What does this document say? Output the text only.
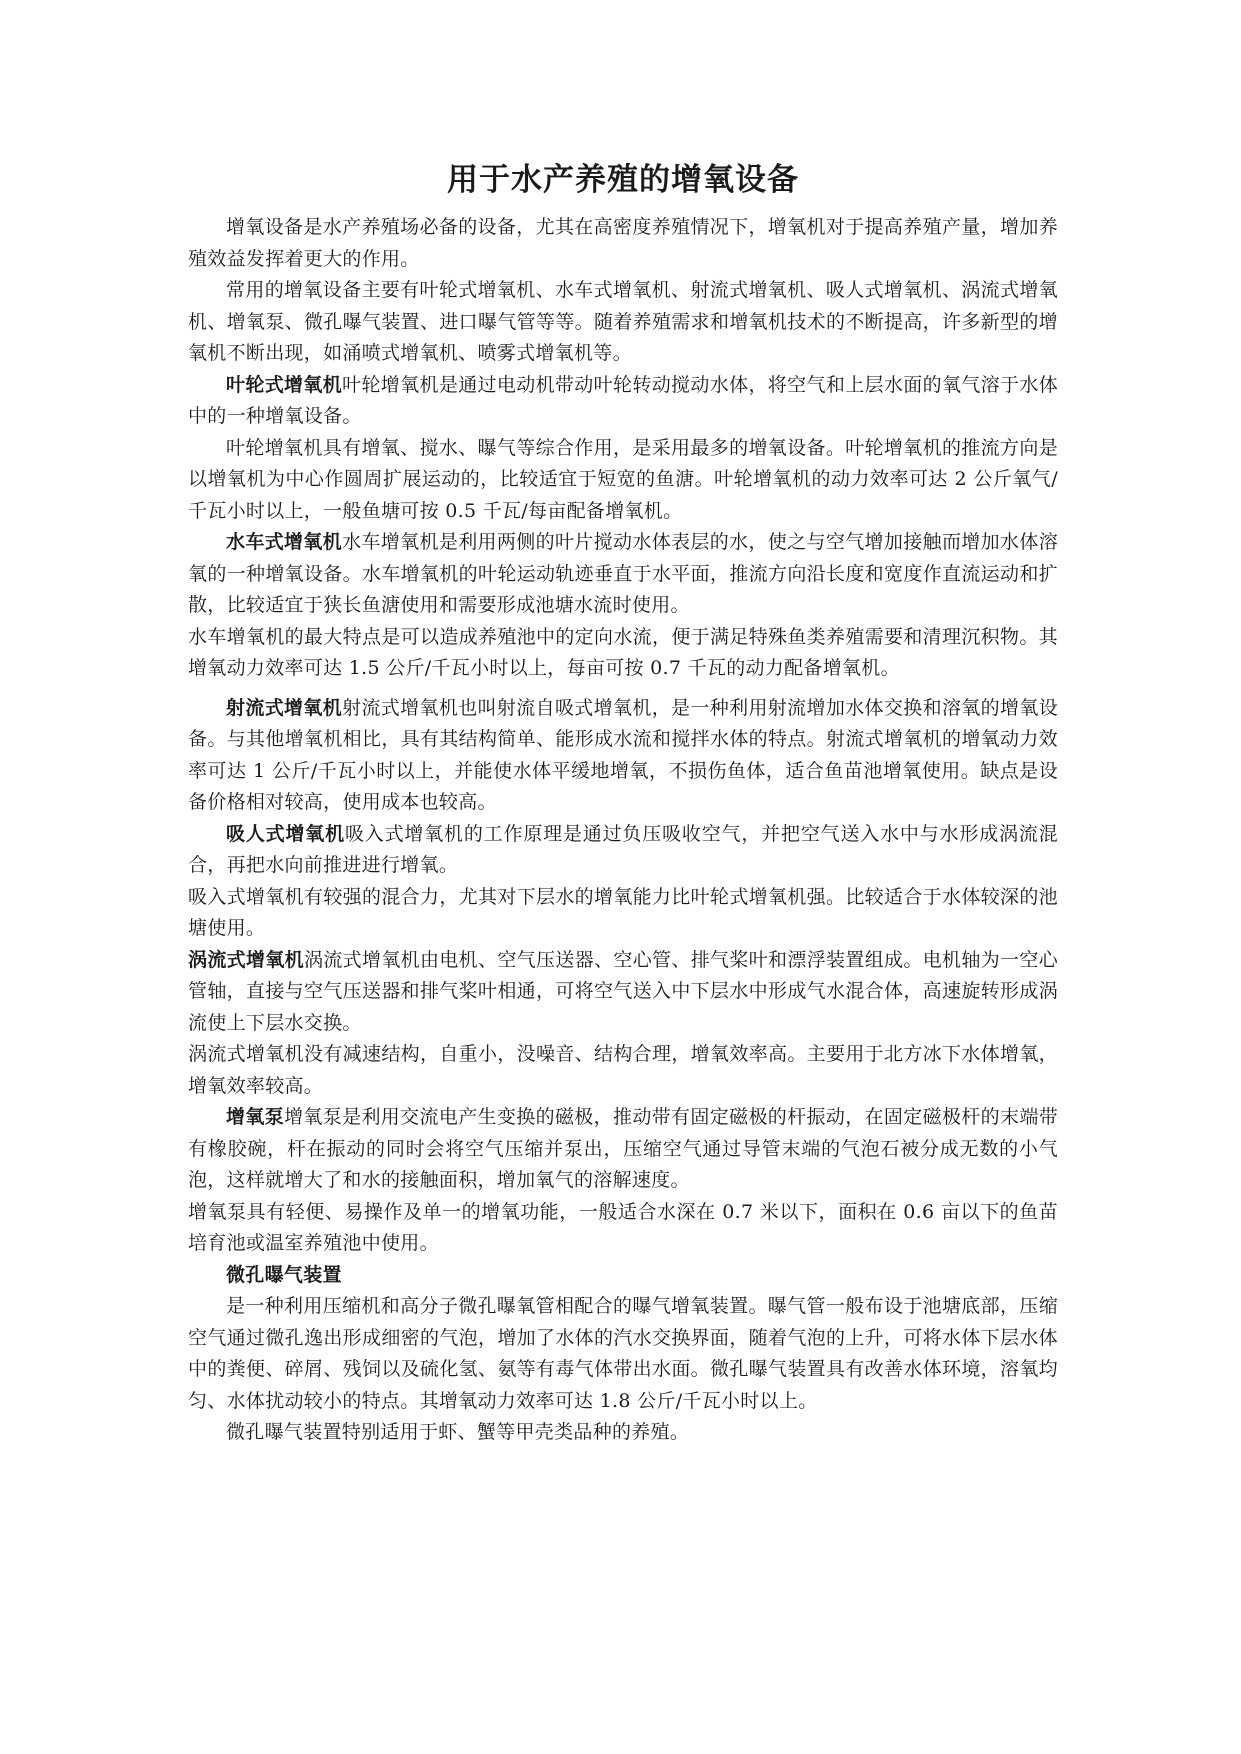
用于水产养殖的增氧设备

增氧设备是水产养殖场必备的设备，尤其在高密度养殖情况下，增氧机对于提高养殖产量，增加养殖效益发挥着更大的作用。

常用的增氧设备主要有叶轮式增氧机、水车式增氧机、射流式增氧机、吸人式增氧机、涡流式增氧机、增氧泵、微孔曝气装置、进口曝气管等等。随着养殖需求和增氧机技术的不断提高，许多新型的增氧机不断出现，如涌喷式增氧机、喷雾式增氧机等。

叶轮式增氧机叶轮增氧机是通过电动机带动叶轮转动搅动水体，将空气和上层水面的氧气溶于水体中的一种增氧设备。

叶轮增氧机具有增氧、搅水、曝气等综合作用，是采用最多的增氧设备。叶轮增氧机的推流方向是以增氧机为中心作圆周扩展运动的，比较适宜于短宽的鱼溏。叶轮增氧机的动力效率可达 2 公斤氧气/千瓦小时以上，一般鱼塘可按 0.5 千瓦/每亩配备增氧机。

水车式增氧机水车增氧机是利用两侧的叶片搅动水体表层的水，使之与空气增加接触而增加水体溶氧的一种增氧设备。水车增氧机的叶轮运动轨迹垂直于水平面，推流方向沿长度和宽度作直流运动和扩散，比较适宜于狭长鱼溏使用和需要形成池塘水流时使用。

水车增氧机的最大特点是可以造成养殖池中的定向水流，便于满足特殊鱼类养殖需要和清理沉积物。其增氧动力效率可达 1.5 公斤/千瓦小时以上，每亩可按 0.7 千瓦的动力配备增氧机。

射流式增氧机射流式增氧机也叫射流自吸式增氧机，是一种利用射流增加水体交换和溶氧的增氧设备。与其他增氧机相比，具有其结构简单、能形成水流和搅拌水体的特点。射流式增氧机的增氧动力效率可达 1 公斤/千瓦小时以上，并能使水体平缓地增氧，不损伤鱼体，适合鱼苗池增氧使用。缺点是设备价格相对较高，使用成本也较高。

吸人式增氧机吸入式增氧机的工作原理是通过负压吸收空气，并把空气送入水中与水形成涡流混合，再把水向前推进进行增氧。

吸入式增氧机有较强的混合力，尤其对下层水的增氧能力比叶轮式增氧机强。比较适合于水体较深的池塘使用。

涡流式增氧机涡流式增氧机由电机、空气压送器、空心管、排气桨叶和漂浮装置组成。电机轴为一空心管轴，直接与空气压送器和排气桨叶相通，可将空气送入中下层水中形成气水混合体，高速旋转形成涡流使上下层水交换。

涡流式增氧机没有减速结构，自重小，没噪音、结构合理，增氧效率高。主要用于北方冰下水体增氧，增氧效率较高。

增氧泵增氧泵是利用交流电产生变换的磁极，推动带有固定磁极的杆振动，在固定磁极杆的末端带有橡胶碗，杆在振动的同时会将空气压缩并泵出，压缩空气通过导管末端的气泡石被分成无数的小气泡，这样就增大了和水的接触面积，增加氧气的溶解速度。

增氧泵具有轻便、易操作及单一的增氧功能，一般适合水深在 0.7 米以下，面积在 0.6 亩以下的鱼苗培育池或温室养殖池中使用。

微孔曝气装置

是一种利用压缩机和高分子微孔曝氧管相配合的曝气增氧装置。曝气管一般布设于池塘底部，压缩空气通过微孔逸出形成细密的气泡，增加了水体的汽水交换界面，随着气泡的上升，可将水体下层水体中的粪便、碎屑、残饲以及硫化氢、氨等有毒气体带出水面。微孔曝气装置具有改善水体环境，溶氧均匀、水体扰动较小的特点。其增氧动力效率可达 1.8 公斤/千瓦小时以上。

微孔曝气装置特别适用于虾、蟹等甲壳类品种的养殖。
